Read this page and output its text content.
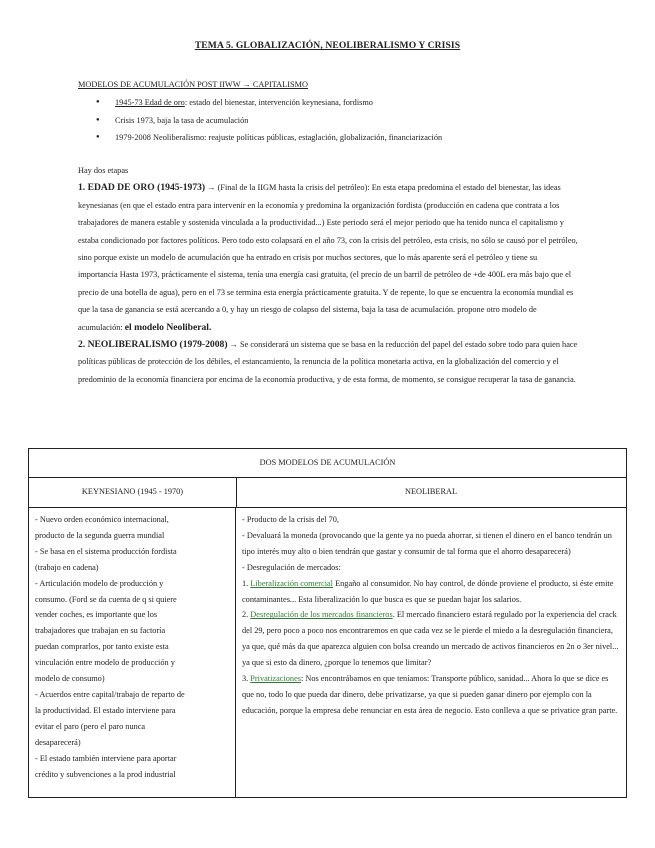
TEMA 5. GLOBALIZACIÓN, NEOLIBERALISMO Y CRISIS
MODELOS DE ACUMULACIÓN POST IIWW → CAPITALISMO
● 1945-73 Edad de oro: estado del bienestar, intervención keynesiana, fordismo
● Crisis 1973, baja la tasa de acumulación
● 1979-2008 Neoliberalismo: reajuste políticas públicas, estaglación, globalización, financiarización

Hay dos etapas

1. EDAD DE ORO (1945-1973) → (Final de la IIGM hasta la crisis del petróleo): En esta etapa predomina el estado del bienestar, las ideas keynesianas (en que el estado entra para intervenir en la economía y predomina la organización fordista (producción en cadena que contrata a los trabajadores de manera estable y sostenida vinculada a la productividad...) Este periodo será el mejor periodo que ha tenido nunca el capitalismo y estaba condicionado por factores políticos. Pero todo esto colapsará en el año 73, con la crisis del petróleo, esta crisis, no sólo se causó por el petróleo, sino porque existe un modelo de acumulación que ha entrado en crisis por muchos sectores, que lo más aparente será el petróleo y tiene su importancia Hasta 1973, prácticamente el sistema, tenía una energía casi gratuita, (el precio de un barril de petróleo de +de 400L era más bajo que el precio de una botella de agua), pero en el 73 se termina esta energía prácticamente gratuita. Y de repente, lo que se encuentra la economía mundial es que la tasa de ganancia se está acercando a 0, y hay un riesgo de colapso del sistema, baja la tasa de acumulación. propone otro modelo de acumulación: el modelo Neoliberal.

2. NEOLIBERALISMO (1979-2008) → Se considerará un sistema que se basa en la reducción del papel del estado sobre todo para quien hace políticas públicas de protección de los débiles, el estancamiento, la renuncia de la política monetaria activa, en la globalización del comercio y el predominio de la economía financiera por encima de la economía productiva, y de esta forma, de momento, se consigue recuperar la tasa de ganancia.

DOS MODELOS DE ACUMULACIÓN
KEYNESIANO (1945 - 1970)	NEOLIBERAL
- Nuevo orden económico internacional,
producto de la segunda guerra mundial
- Se basa en el sistema producción fordista
(trabajo en cadena)
- Articulación modelo de producción y
consumo. (Ford se da cuenta de q si quiere
vender coches, es importante que los
trabajadores que trabajan en su factoría
puedan comprarlos, por tanto existe esta
vinculación entre modelo de producción y
modelo de consumo)
- Acuerdos entre capital/trabajo de reparto de
la productividad. El estado interviene para
evitar el paro (pero el paro nunca
desaparecerá)
- El estado también interviene para aportar
crédito y subvenciones a la prod industrial
- Producto de la crisis del 70,
- Devaluará la moneda (provocando que la gente ya no pueda ahorrar, si tienen el dinero en el banco tendrán un tipo interés muy alto o bien tendrán que gastar y consumir de tal forma que el ahorro desaparecerá)
- Desregulación de mercados:
1. Liberalización comercial Engaño al consumidor. No hay control, de dónde proviene el producto, si éste emite contaminantes... Esta liberalización lo que busca es que se puedan bajar los salarios.
2. Desregulación de los mercados financieros. El mercado financiero estará regulado por la experiencia del crack del 29, pero poco a poco nos encontraremos en que cada vez se le pierde el miedo a la desregulación financiera, ya que, qué más da que aparezca alguien con bolsa creando un mercado de activos financieros en 2n o 3er nivel... ya que si esto da dinero, ¿porque lo tenemos que limitar?
3. Privatizaciones: Nos encontrábamos en que teníamos: Transporte público, sanidad... Ahora lo que se dice es que no, todo lo que pueda dar dinero, debe privatizarse, ya que si pueden ganar dinero por ejemplo con la educación, porque la empresa debe renunciar en esta área de negocio. Esto conlleva a que se privatice gran parte.
